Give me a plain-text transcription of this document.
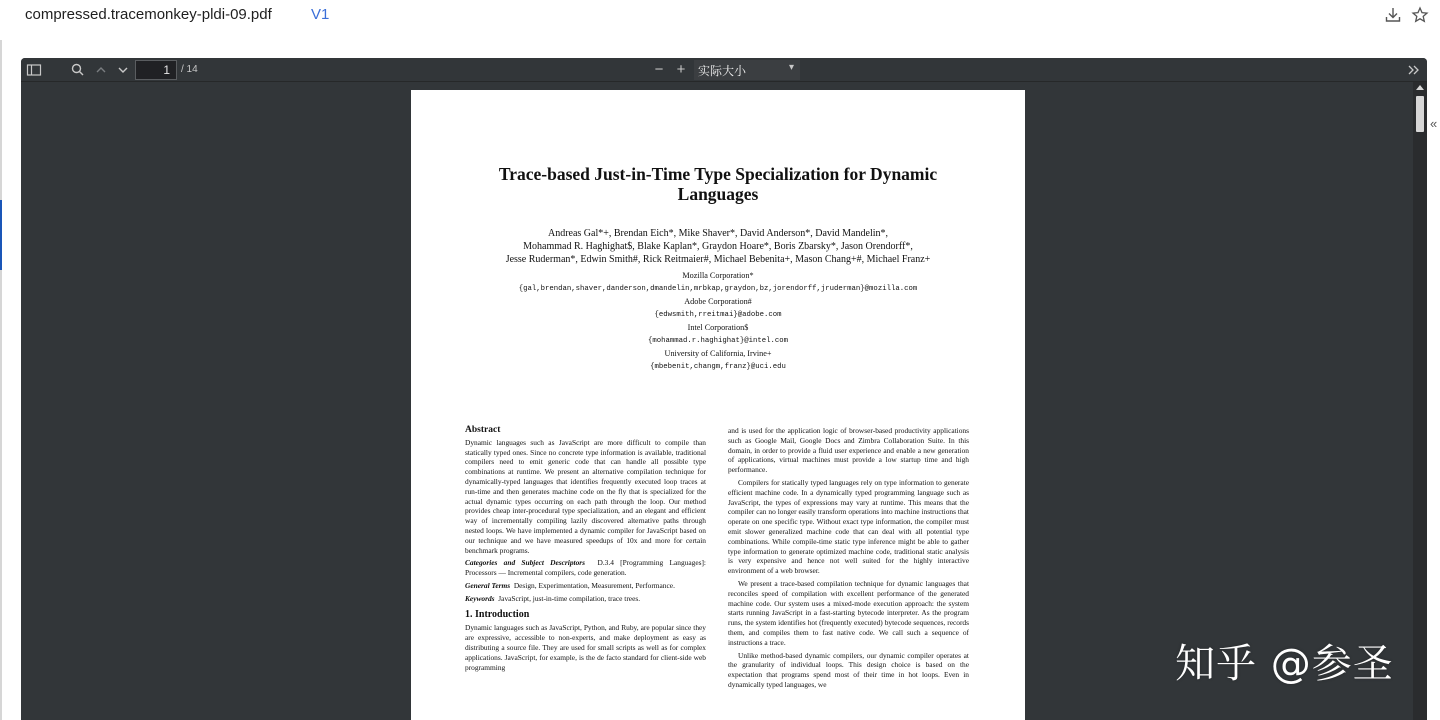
compressed.tracemonkey-pldi-09.pdf	V1
1	/ 14	− +	实际大小	▾
Trace-based Just-in-Time Type Specialization for Dynamic
Languages
Andreas Gal*+, Brendan Eich*, Mike Shaver*, David Anderson*, David Mandelin*,
Mohammad R. Haghighat$, Blake Kaplan*, Graydon Hoare*, Boris Zbarsky*, Jason Orendorff*,
Jesse Ruderman*, Edwin Smith#, Rick Reitmaier#, Michael Bebenita+, Mason Chang+#, Michael Franz+
Mozilla Corporation*
{gal,brendan,shaver,danderson,dmandelin,mrbkap,graydon,bz,jorendorff,jruderman}@mozilla.com
Adobe Corporation#
{edwsmith,rreitmai}@adobe.com
Intel Corporation$
{mohammad.r.haghighat}@intel.com
University of California, Irvine+
{mbebenit,changm,franz}@uci.edu
Abstract

Dynamic languages such as JavaScript are more difficult to compile than statically typed ones. Since no concrete type information is available, traditional compilers need to emit generic code that can handle all possible type combinations at runtime. We present an alternative compilation technique for dynamically-typed languages that identifies frequently executed loop traces at run-time and then generates machine code on the fly that is specialized for the actual dynamic types occurring on each path through the loop. Our method provides cheap inter-procedural type specialization, and an elegant and efficient way of incrementally compiling lazily discovered alternative paths through nested loops. We have implemented a dynamic compiler for JavaScript based on our technique and we have measured speedups of 10x and more for certain benchmark programs.

Categories and Subject Descriptors D.3.4 [Programming Languages]: Processors — Incremental compilers, code generation.

General Terms Design, Experimentation, Measurement, Performance.

Keywords JavaScript, just-in-time compilation, trace trees.

1. Introduction

Dynamic languages such as JavaScript, Python, and Ruby, are popular since they are expressive, accessible to non-experts, and make deployment as easy as distributing a source file. They are used for small scripts as well as for complex applications. JavaScript, for example, is the de facto standard for client-side web programming

and is used for the application logic of browser-based productivity applications such as Google Mail, Google Docs and Zimbra Collaboration Suite. In this domain, in order to provide a fluid user experience and enable a new generation of applications, virtual machines must provide a low startup time and high performance.

Compilers for statically typed languages rely on type information to generate efficient machine code. In a dynamically typed programming language such as JavaScript, the types of expressions may vary at runtime. This means that the compiler can no longer easily transform operations into machine instructions that operate on one specific type. Without exact type information, the compiler must emit slower generalized machine code that can deal with all potential type combinations. While compile-time static type inference might be able to gather type information to generate optimized machine code, traditional static analysis is very expensive and hence not well suited for the highly interactive environment of a web browser.

We present a trace-based compilation technique for dynamic languages that reconciles speed of compilation with excellent performance of the generated machine code. Our system uses a mixed-mode execution approach: the system starts running JavaScript in a fast-starting bytecode interpreter. As the program runs, the system identifies hot (frequently executed) bytecode sequences, records them, and compiles them to fast native code. We call such a sequence of instructions a trace.

Unlike method-based dynamic compilers, our dynamic compiler operates at the granularity of individual loops. This design choice is based on the expectation that programs spend most of their time in hot loops. Even in dynamically typed languages, we

«
知乎 @参圣
